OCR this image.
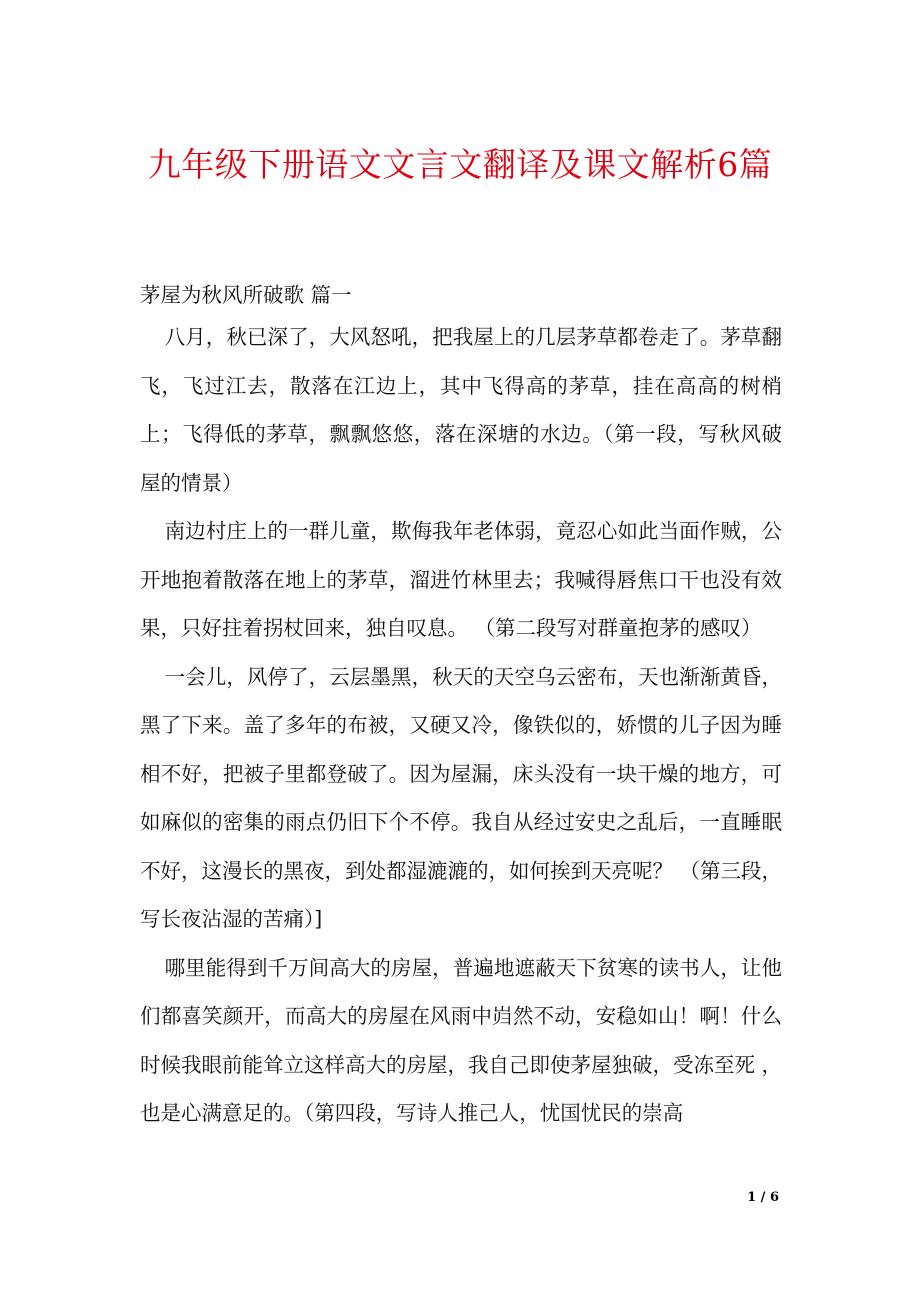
九年级下册语文文言文翻译及课文解析6篇

茅屋为秋风所破歌 篇一

八月，秋已深了，大风怒吼，把我屋上的几层茅草都卷走了。茅草翻飞，飞过江去，散落在江边上，其中飞得高的茅草，挂在高高的树梢上；飞得低的茅草，飘飘悠悠，落在深塘的水边。（第一段，写秋风破屋的情景）

南边村庄上的一群儿童，欺侮我年老体弱，竟忍心如此当面作贼，公开地抱着散落在地上的茅草，溜进竹林里去；我喊得唇焦口干也没有效果，只好拄着拐杖回来，独自叹息。 （第二段写对群童抱茅的感叹）

一会儿，风停了，云层墨黑，秋天的天空乌云密布，天也渐渐黄昏，黑了下来。盖了多年的布被，又硬又冷，像铁似的，娇惯的儿子因为睡相不好，把被子里都登破了。因为屋漏，床头没有一块干燥的地方，可如麻似的密集的雨点仍旧下个不停。我自从经过安史之乱后，一直睡眠不好，这漫长的黑夜，到处都湿漉漉的，如何挨到天亮呢？ （第三段，写长夜沾湿的苦痛）]

哪里能得到千万间高大的房屋，普遍地遮蔽天下贫寒的读书人，让他们都喜笑颜开，而高大的房屋在风雨中岿然不动，安稳如山！啊！什么时候我眼前能耸立这样高大的房屋，我自己即使茅屋独破，受冻至死 ，也是心满意足的。（第四段，写诗人推己人，忧国忧民的崇高

1 / 6
